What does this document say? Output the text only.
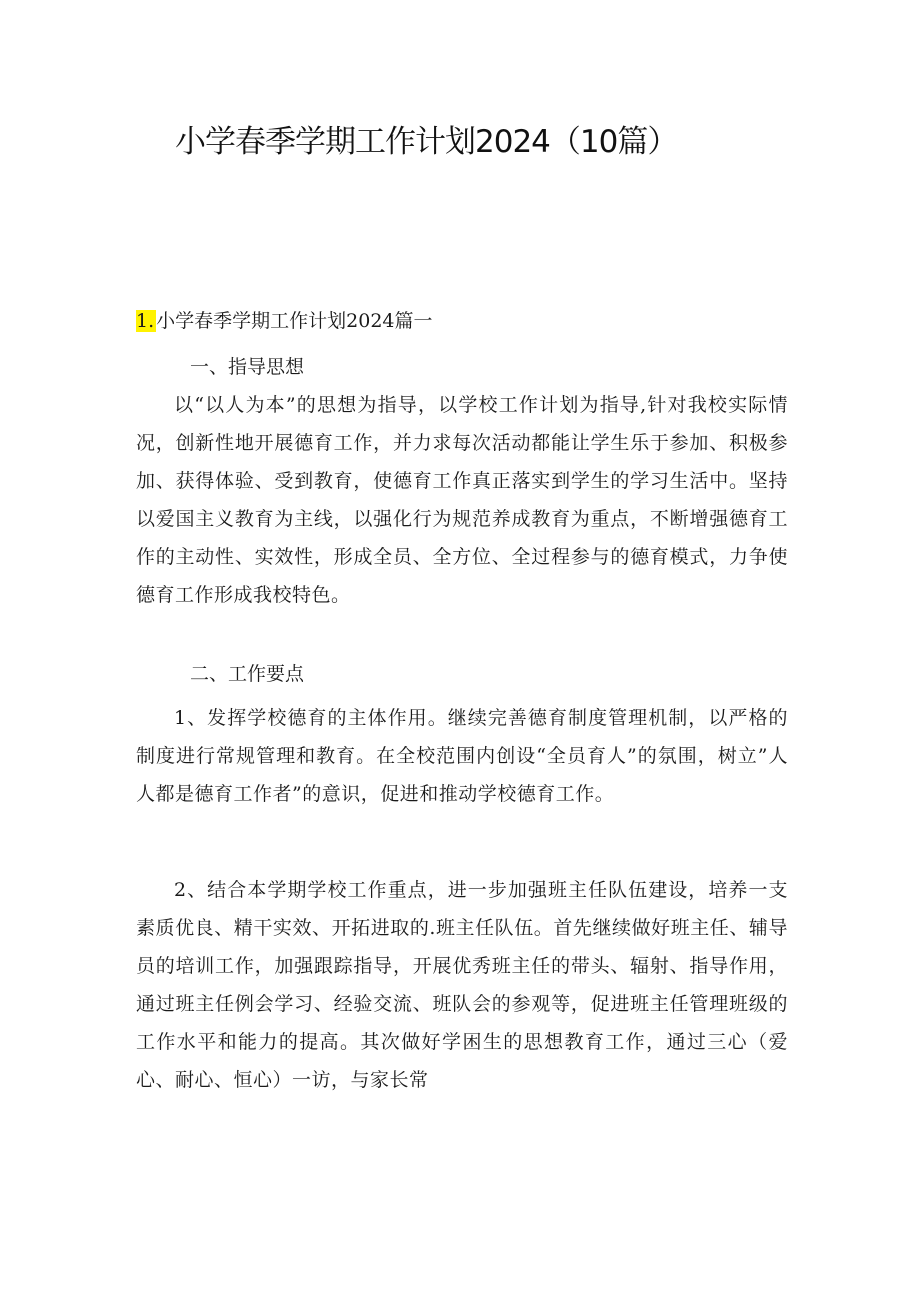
小学春季学期工作计划2024（10篇）
1. 小学春季学期工作计划2024篇一
一、指导思想

以“以人为本”的思想为指导，以学校工作计划为指导,针对我校实际情况，创新性地开展德育工作，并力求每次活动都能让学生乐于参加、积极参加、获得体验、受到教育，使德育工作真正落实到学生的学习生活中。坚持以爱国主义教育为主线，以强化行为规范养成教育为重点，不断增强德育工作的主动性、实效性，形成全员、全方位、全过程参与的德育模式，力争使德育工作形成我校特色。

二、工作要点

1、发挥学校德育的主体作用。继续完善德育制度管理机制，以严格的制度进行常规管理和教育。在全校范围内创设“全员育人”的氛围，树立”人人都是德育工作者”的意识，促进和推动学校德育工作。

2、结合本学期学校工作重点，进一步加强班主任队伍建设，培养一支素质优良、精干实效、开拓进取的.班主任队伍。首先继续做好班主任、辅导员的培训工作，加强跟踪指导，开展优秀班主任的带头、辐射、指导作用，通过班主任例会学习、经验交流、班队会的参观等，促进班主任管理班级的工作水平和能力的提高。其次做好学困生的思想教育工作，通过三心（爱心、耐心、恒心）一访，与家长常
